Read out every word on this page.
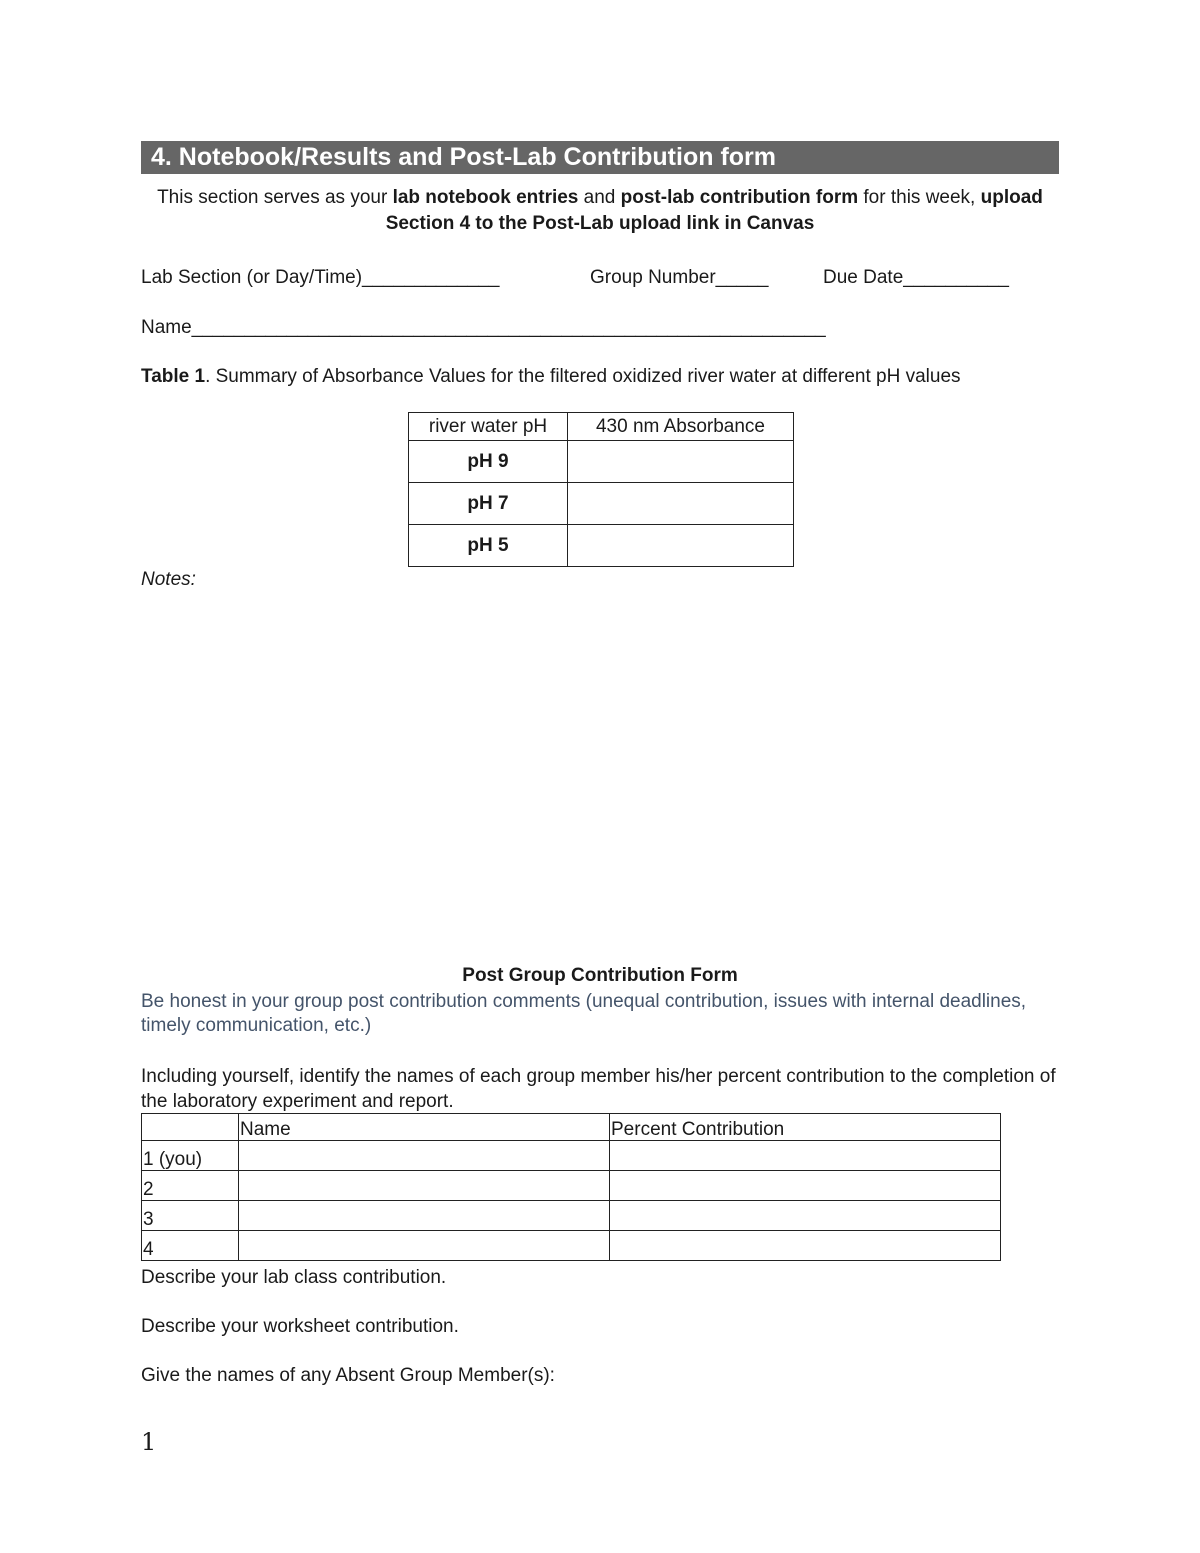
4. Notebook/Results and Post-Lab Contribution form
This section serves as your lab notebook entries and post-lab contribution form for this week, upload Section 4 to the Post-Lab upload link in Canvas
Lab Section (or Day/Time)_____________	Group Number_____	Due Date__________
Name____________________________________________________________
Table 1. Summary of Absorbance Values for the filtered oxidized river water at different pH values
river water pH	430 nm Absorbance
pH 9	
pH 7	
pH 5	
Notes:
Post Group Contribution Form
Be honest in your group post contribution comments (unequal contribution, issues with internal deadlines, timely communication, etc.)
Including yourself, identify the names of each group member his/her percent contribution to the completion of the laboratory experiment and report.
	Name	Percent Contribution
1 (you)		
2		
3		
4		
Describe your lab class contribution.
Describe your worksheet contribution.
Give the names of any Absent Group Member(s):
1
